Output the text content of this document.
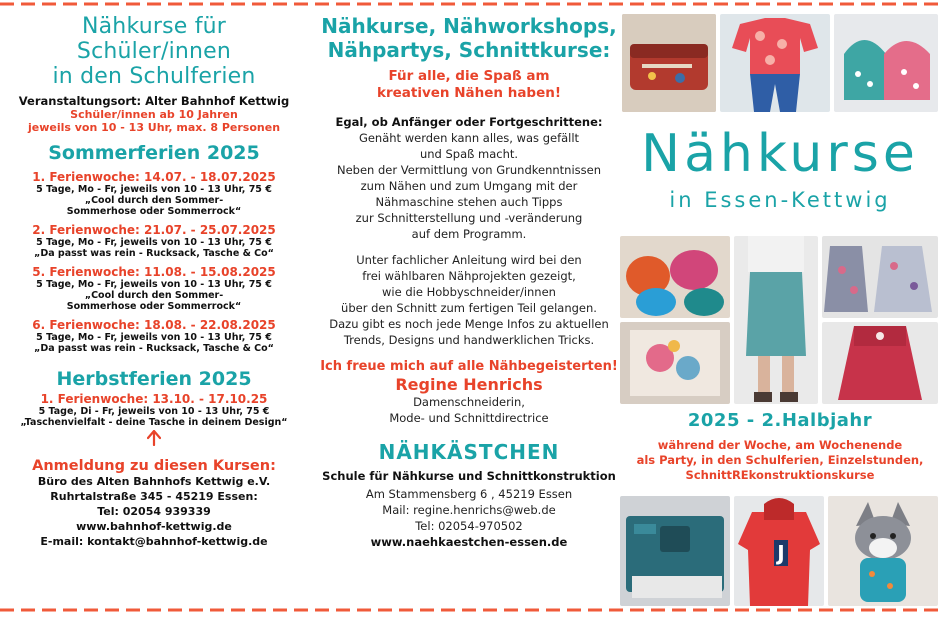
Nähkurse für Schüler/innen
in den Schulferien
Veranstaltungsort: Alter Bahnhof Kettwig
Schüler/innen ab 10 Jahren
jeweils von 10 - 13 Uhr, max. 8 Personen
Sommerferien 2025
1. Ferienwoche: 14.07. - 18.07.2025
5 Tage, Mo - Fr, jeweils von 10 - 13 Uhr, 75 €
„Cool durch den Sommer-
Sommerhose oder Sommerrock“
2. Ferienwoche: 21.07. - 25.07.2025
5 Tage, Mo - Fr, jeweils von 10 - 13 Uhr, 75 €
„Da passt was rein - Rucksack, Tasche & Co“
5. Ferienwoche: 11.08. - 15.08.2025
5 Tage, Mo - Fr, jeweils von 10 - 13 Uhr, 75 €
„Cool durch den Sommer-
Sommerhose oder Sommerrock“
6. Ferienwoche: 18.08. - 22.08.2025
5 Tage, Mo - Fr, jeweils von 10 - 13 Uhr, 75 €
„Da passt was rein - Rucksack, Tasche & Co“
Herbstferien 2025
1. Ferienwoche: 13.10. - 17.10.25
5 Tage, Di - Fr, jeweils von 10 - 13 Uhr, 75 €
„Taschenvielfalt - deine Tasche in deinem Design“
Anmeldung zu diesen Kursen:
Büro des Alten Bahnhofs Kettwig e.V.
Ruhrtalstraße 345 - 45219 Essen:
Tel: 02054 939339
www.bahnhof-kettwig.de
E-mail: kontakt@bahnhof-kettwig.de
Nähkurse, Nähworkshops,
Nähpartys, Schnittkurse:
Für alle, die Spaß am
kreativen Nähen haben!
Egal, ob Anfänger oder Fortgeschrittene:
Genäht werden kann alles, was gefällt
und Spaß macht.
Neben der Vermittlung von Grundkenntnissen
zum Nähen und zum Umgang mit der
Nähmaschine stehen auch Tipps
zur Schnitterstellung und -veränderung
auf dem Programm.
Unter fachlicher Anleitung wird bei den
frei wählbaren Nähprojekten gezeigt,
wie die Hobbyschneider/innen
über den Schnitt zum fertigen Teil gelangen.
Dazu gibt es noch jede Menge Infos zu aktuellen
Trends, Designs und handwerklichen Tricks.
Ich freue mich auf alle Nähbegeisterten!
Regine Henrichs
Damenschneiderin,
Mode- und Schnittdirectrice
NÄHKÄSTCHEN
Schule für Nähkurse und Schnittkonstruktion
Am Stammensberg 6 , 45219 Essen
Mail: regine.henrichs@web.de
Tel: 02054-970502
www.naehkaestchen-essen.de
Nähkurse
in Essen-Kettwig
2025 - 2.Halbjahr
während der Woche, am Wochenende
als Party, in den Schulferien, Einzelstunden,
SchnittREkonstruktionskurse
J
